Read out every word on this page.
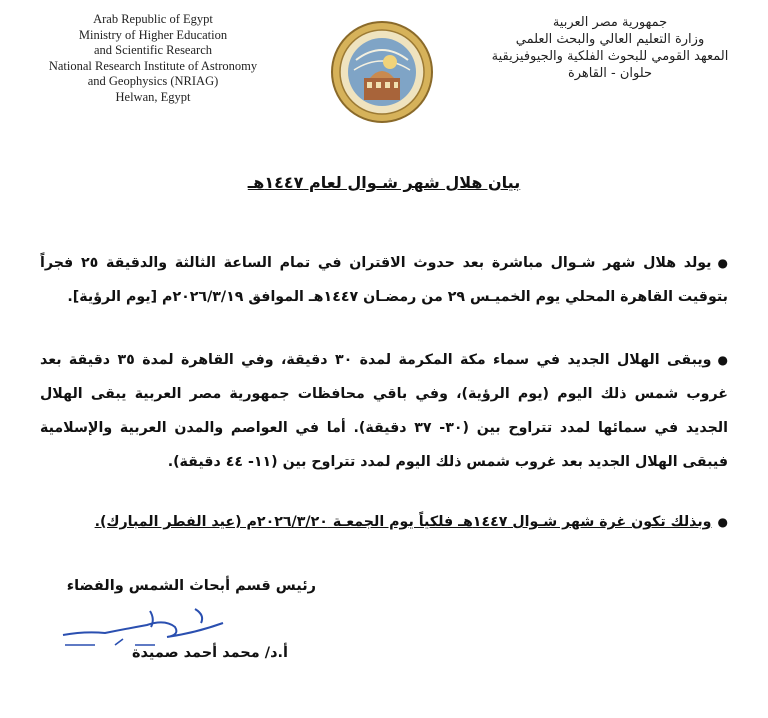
Arab Republic of Egypt
Ministry of Higher Education
and Scientific Research
National Research Institute of Astronomy
and Geophysics (NRIAG)
Helwan, Egypt
جمهورية مصر العربية
وزارة التعليم العالي والبحث العلمي
المعهد القومي للبحوث الفلكية والجيوفيزيقية
حلوان - القاهرة
بيان هلال شهر شـوال لعام ١٤٤٧هـ
●يولد هلال شهر شـوال مباشرة بعد حدوث الاقتران في تمام الساعة الثالثة والدقيقة ٢٥ فجراً بتوقيت القاهرة المحلي يوم الخميـس ٢٩ من رمضـان ١٤٤٧هـ الموافق ٢٠٢٦/٣/١٩م [يوم الرؤية].
●ويبقى الهلال الجديد في سماء مكة المكرمة لمدة ٣٠ دقيقة، وفي القاهرة لمدة ٣٥ دقيقة بعد غروب شمس ذلك اليوم (يوم الرؤية)، وفي باقي محافظات جمهورية مصر العربية يبقى الهلال الجديد في سمائها لمدد تتراوح بين (٣٠- ٣٧ دقيقة). أما في العواصم والمدن العربية والإسلامية فيبقى الهلال الجديد بعد غروب شمس ذلك اليوم لمدد تتراوح بين (١١- ٤٤ دقيقة).
●وبذلك تكون غرة شهر شـوال ١٤٤٧هـ فلكياً يوم الجمعـة ٢٠٢٦/٣/٢٠م (عيد الفطر المبارك).
رئيس قسم أبحاث الشمس والفضاء
أ.د/ محمد أحمد صميدة
